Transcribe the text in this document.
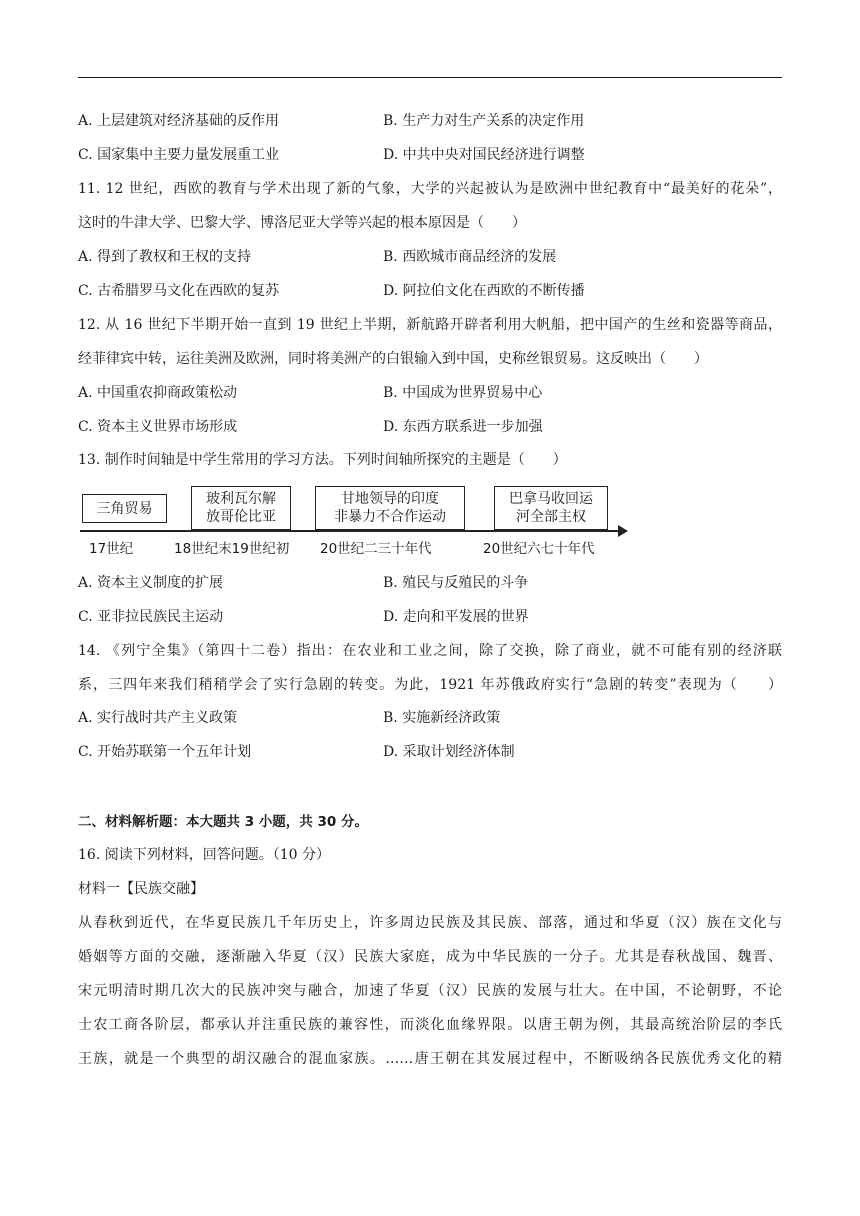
A. 上层建筑对经济基础的反作用	B. 生产力对生产关系的决定作用
C. 国家集中主要力量发展重工业	D. 中共中央对国民经济进行调整
11. 12 世纪，西欧的教育与学术出现了新的气象，大学的兴起被认为是欧洲中世纪教育中“最美好的花朵”，
这时的牛津大学、巴黎大学、博洛尼亚大学等兴起的根本原因是（　　）
A. 得到了教权和王权的支持	B. 西欧城市商品经济的发展
C. 古希腊罗马文化在西欧的复苏	D. 阿拉伯文化在西欧的不断传播
12. 从 16 世纪下半期开始一直到 19 世纪上半期，新航路开辟者利用大帆船，把中国产的生丝和瓷器等商品，
经菲律宾中转，运往美洲及欧洲，同时将美洲产的白银输入到中国，史称丝银贸易。这反映出（　　）
A. 中国重农抑商政策松动	B. 中国成为世界贸易中心
C. 资本主义世界市场形成	D. 东西方联系进一步加强
13. 制作时间轴是中学生常用的学习方法。下列时间轴所探究的主题是（　　）
三角贸易
玻利瓦尔解
放哥伦比亚
甘地领导的印度
非暴力不合作运动
巴拿马收回运
河全部主权
17世纪	18世纪末19世纪初 20世纪二三十年代	20世纪六七十年代
A. 资本主义制度的扩展	B. 殖民与反殖民的斗争
C. 亚非拉民族民主运动	D. 走向和平发展的世界
14. 《列宁全集》（第四十二卷）指出：在农业和工业之间，除了交换，除了商业，就不可能有别的经济联
系，三四年来我们稍稍学会了实行急剧的转变。为此，1921 年苏俄政府实行“急剧的转变”表现为（　　）
A. 实行战时共产主义政策	B. 实施新经济政策
C. 开始苏联第一个五年计划	D. 采取计划经济体制
二、材料解析题：本大题共 3 小题，共 30 分。
16. 阅读下列材料，回答问题。（10 分）
材料一【民族交融】
从春秋到近代，在华夏民族几千年历史上，许多周边民族及其民族、部落，通过和华夏（汉）族在文化与
婚姻等方面的交融，逐渐融入华夏（汉）民族大家庭，成为中华民族的一分子。尤其是春秋战国、魏晋、
宋元明清时期几次大的民族冲突与融合，加速了华夏（汉）民族的发展与壮大。在中国，不论朝野，不论
士农工商各阶层，都承认并注重民族的兼容性，而淡化血缘界限。以唐王朝为例，其最高统治阶层的李氏
王族，就是一个典型的胡汉融合的混血家族。……唐王朝在其发展过程中，不断吸纳各民族优秀文化的精
